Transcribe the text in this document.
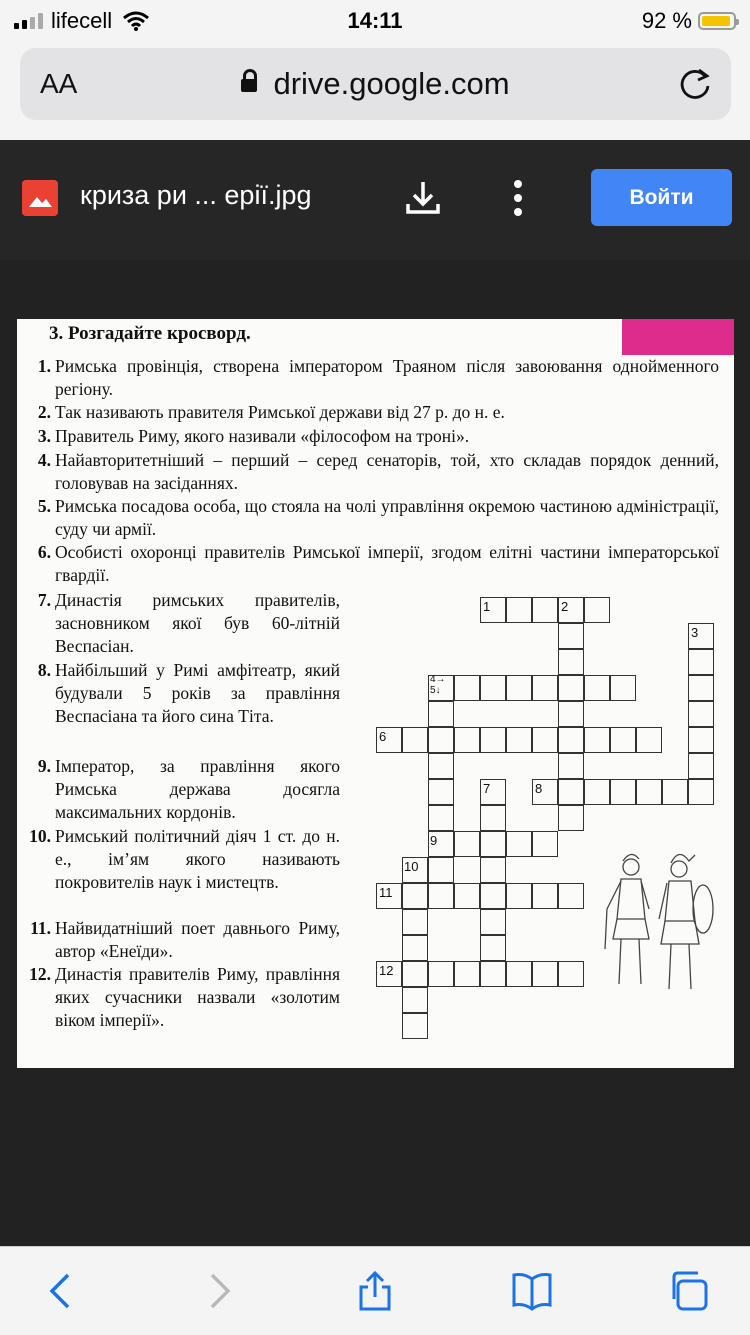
lifecell	14:11	92 %
AA	drive.google.com
криза ри ... ерії.jpg	Войти
3. Розгадайте кросворд.
1. Римська провінція, створена імператором Траяном після завоювання однойменного регіону.
2. Так називають правителя Римської держави від 27 р. до н. е.
3. Правитель Риму, якого називали «філософом на троні».
4. Найавторитетніший – перший – серед сенаторів, той, хто складав порядок денний, головував на засіданнях.
5. Римська посадова особа, що стояла на чолі управління окремою частиною адміністрації, суду чи армії.
6. Особисті охоронці правителів Римської імперії, згодом елітні частини імператорської гвардії.
7. Династія римських правителів, засновником якої був 60-літній Веспасіан.
8. Найбільший у Римі амфітеатр, який будували 5 років за правління Веспасіана та його сина Тіта.
9. Імператор, за правління якого Римська держава досягла максимальних кордонів.
10. Римський політичний діяч 1 ст. до н. е., ім’ям якого називають покровителів наук і мистецтв.
11. Найвидатніший поет давнього Риму, автор «Енеїди».
12. Династія правителів Риму, правління яких сучасники назвали «золотим віком імперії».
1	2
3
4→
5↓
6
7	8
9
10
11
12
